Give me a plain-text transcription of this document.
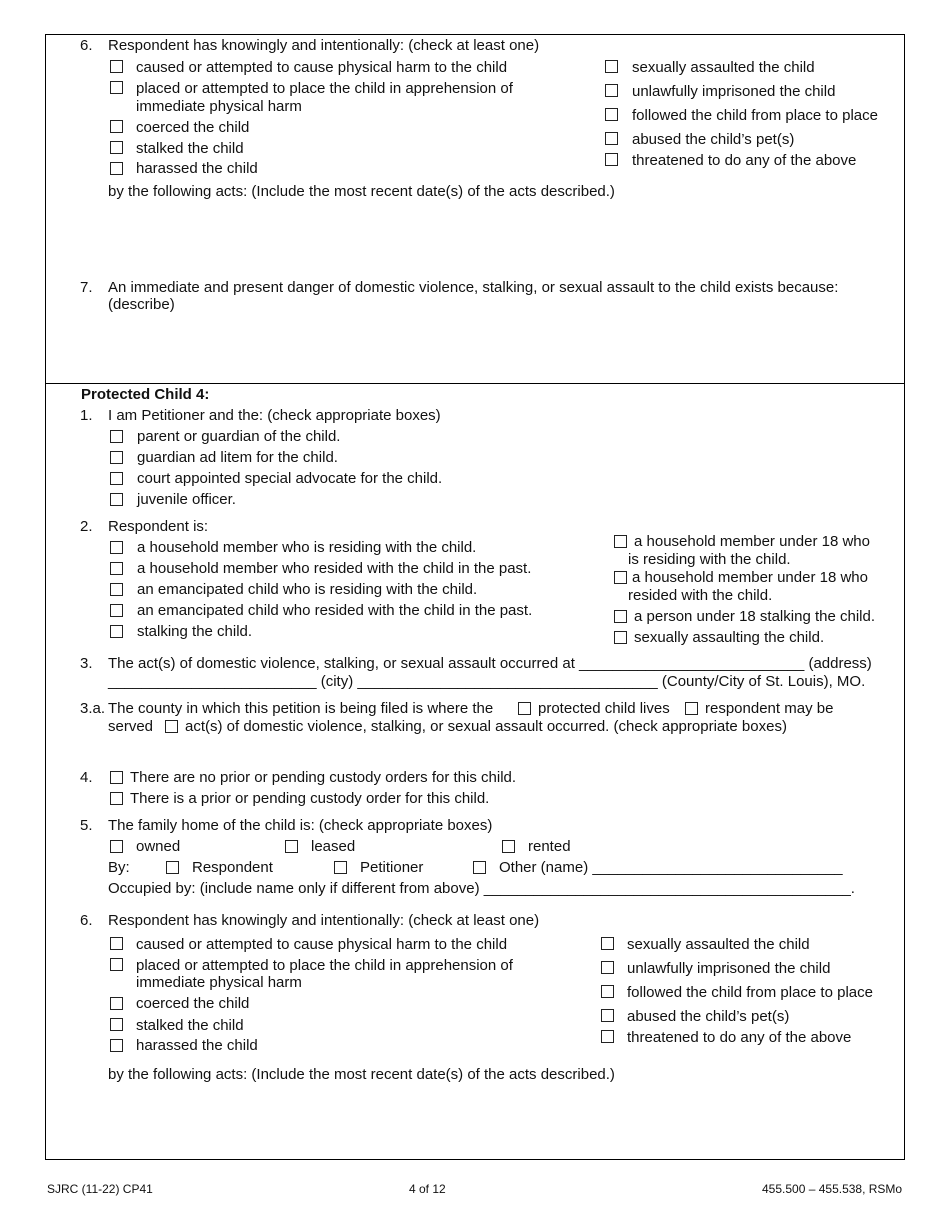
6. Respondent has knowingly and intentionally: (check at least one)
caused or attempted to cause physical harm to the child
placed or attempted to place the child in apprehension of
immediate physical harm
coerced the child
stalked the child
harassed the child
sexually assaulted the child
unlawfully imprisoned the child
followed the child from place to place
abused the child’s pet(s)
threatened to do any of the above
by the following acts: (Include the most recent date(s) of the acts described.)
7. An immediate and present danger of domestic violence, stalking, or sexual assault to the child exists because:
(describe)
Protected Child 4:
1. I am Petitioner and the: (check appropriate boxes)
parent or guardian of the child.
guardian ad litem for the child.
court appointed special advocate for the child.
juvenile officer.
2. Respondent is:
a household member who is residing with the child.
a household member who resided with the child in the past.
an emancipated child who is residing with the child.
an emancipated child who resided with the child in the past.
stalking the child.
a household member under 18 who
is residing with the child.
a household member under 18 who
resided with the child.
a person under 18 stalking the child.
sexually assaulting the child.
3. The act(s) of domestic violence, stalking, or sexual assault occurred at ___________________________ (address)
_________________________ (city) ____________________________________ (County/City of St. Louis), MO.
3.a. The county in which this petition is being filed is where the	protected child lives respondent may be
served act(s) of domestic violence, stalking, or sexual assault occurred. (check appropriate boxes)
4. There are no prior or pending custody orders for this child.
There is a prior or pending custody order for this child.
5. The family home of the child is: (check appropriate boxes)
owned	leased	rented
By:	Respondent	Petitioner	Other (name) ______________________________
Occupied by: (include name only if different from above) ____________________________________________.
6. Respondent has knowingly and intentionally: (check at least one)
caused or attempted to cause physical harm to the child
placed or attempted to place the child in apprehension of
immediate physical harm
coerced the child
stalked the child
harassed the child
sexually assaulted the child
unlawfully imprisoned the child
followed the child from place to place
abused the child’s pet(s)
threatened to do any of the above
by the following acts: (Include the most recent date(s) of the acts described.)
SJRC (11-22) CP41	4 of 12	455.500 – 455.538, RSMo
